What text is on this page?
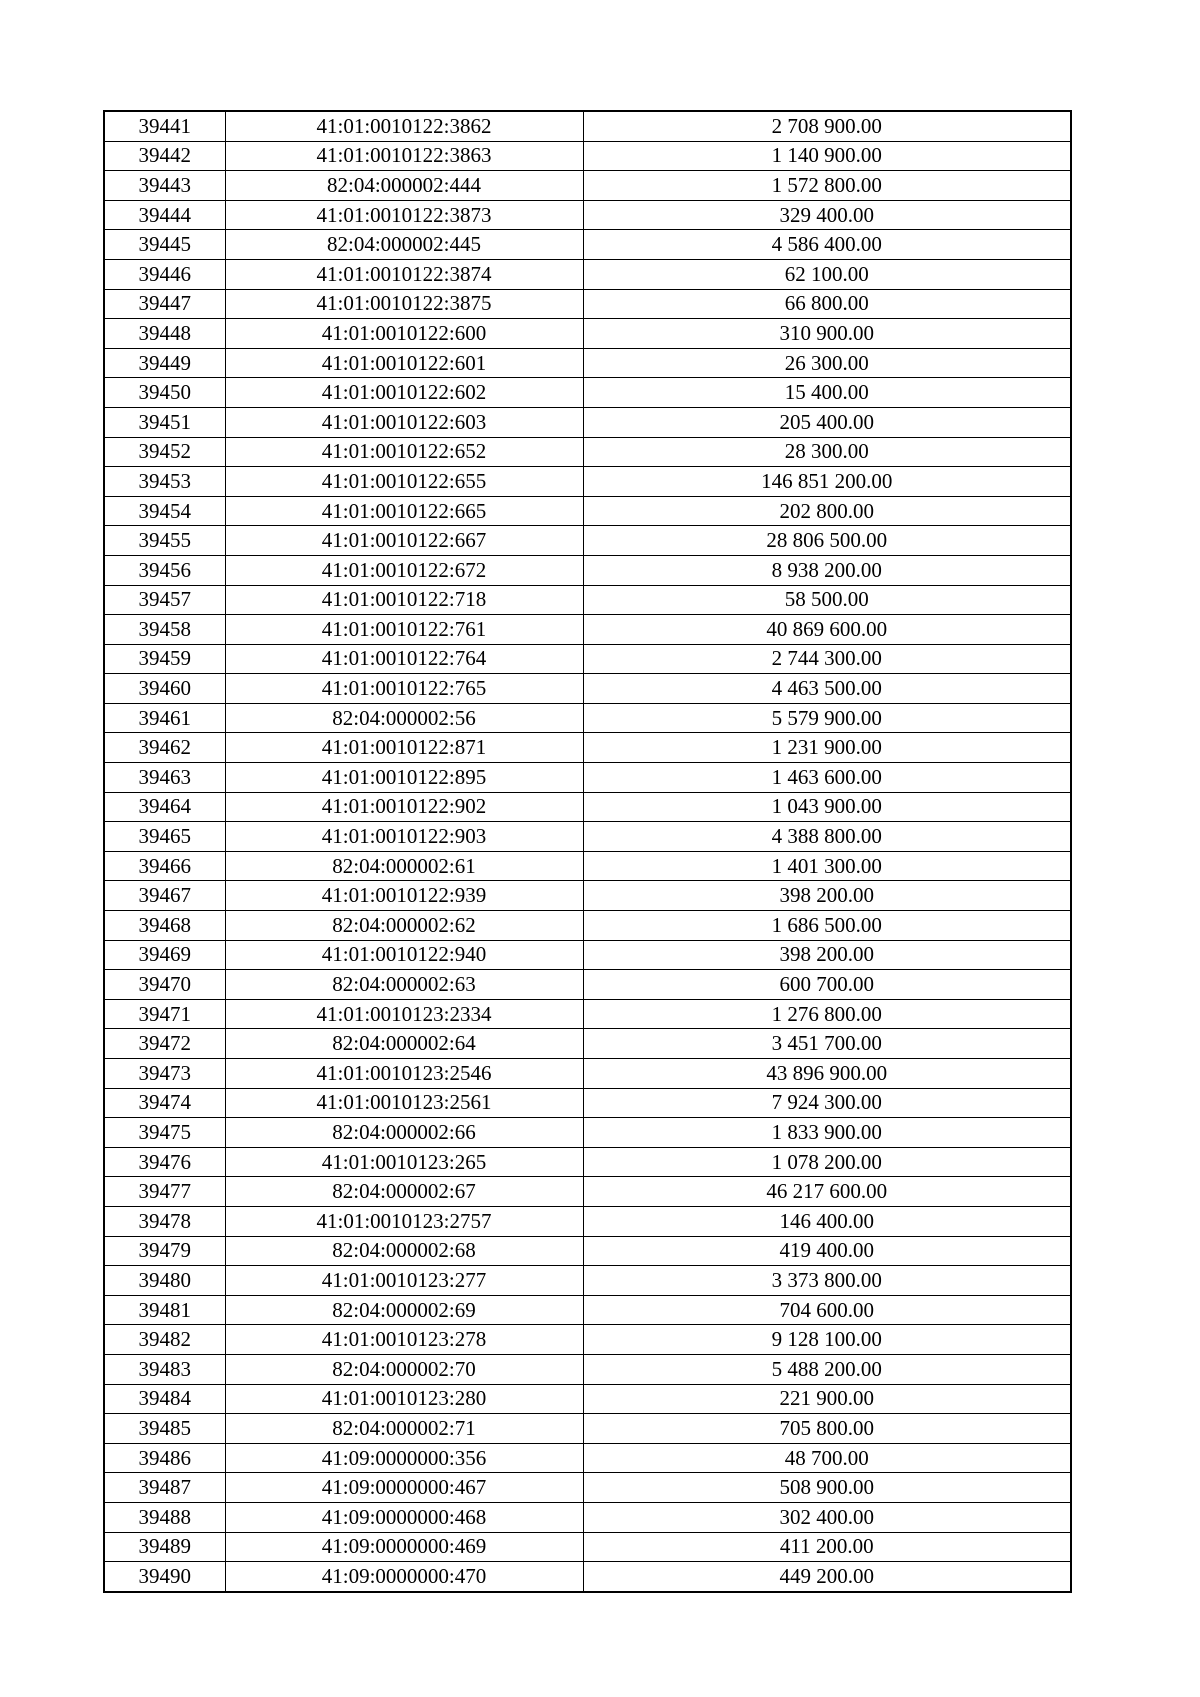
39441	41:01:0010122:3862	2 708 900.00
39442	41:01:0010122:3863	1 140 900.00
39443	82:04:000002:444	1 572 800.00
39444	41:01:0010122:3873	329 400.00
39445	82:04:000002:445	4 586 400.00
39446	41:01:0010122:3874	62 100.00
39447	41:01:0010122:3875	66 800.00
39448	41:01:0010122:600	310 900.00
39449	41:01:0010122:601	26 300.00
39450	41:01:0010122:602	15 400.00
39451	41:01:0010122:603	205 400.00
39452	41:01:0010122:652	28 300.00
39453	41:01:0010122:655	146 851 200.00
39454	41:01:0010122:665	202 800.00
39455	41:01:0010122:667	28 806 500.00
39456	41:01:0010122:672	8 938 200.00
39457	41:01:0010122:718	58 500.00
39458	41:01:0010122:761	40 869 600.00
39459	41:01:0010122:764	2 744 300.00
39460	41:01:0010122:765	4 463 500.00
39461	82:04:000002:56	5 579 900.00
39462	41:01:0010122:871	1 231 900.00
39463	41:01:0010122:895	1 463 600.00
39464	41:01:0010122:902	1 043 900.00
39465	41:01:0010122:903	4 388 800.00
39466	82:04:000002:61	1 401 300.00
39467	41:01:0010122:939	398 200.00
39468	82:04:000002:62	1 686 500.00
39469	41:01:0010122:940	398 200.00
39470	82:04:000002:63	600 700.00
39471	41:01:0010123:2334	1 276 800.00
39472	82:04:000002:64	3 451 700.00
39473	41:01:0010123:2546	43 896 900.00
39474	41:01:0010123:2561	7 924 300.00
39475	82:04:000002:66	1 833 900.00
39476	41:01:0010123:265	1 078 200.00
39477	82:04:000002:67	46 217 600.00
39478	41:01:0010123:2757	146 400.00
39479	82:04:000002:68	419 400.00
39480	41:01:0010123:277	3 373 800.00
39481	82:04:000002:69	704 600.00
39482	41:01:0010123:278	9 128 100.00
39483	82:04:000002:70	5 488 200.00
39484	41:01:0010123:280	221 900.00
39485	82:04:000002:71	705 800.00
39486	41:09:0000000:356	48 700.00
39487	41:09:0000000:467	508 900.00
39488	41:09:0000000:468	302 400.00
39489	41:09:0000000:469	411 200.00
39490	41:09:0000000:470	449 200.00
